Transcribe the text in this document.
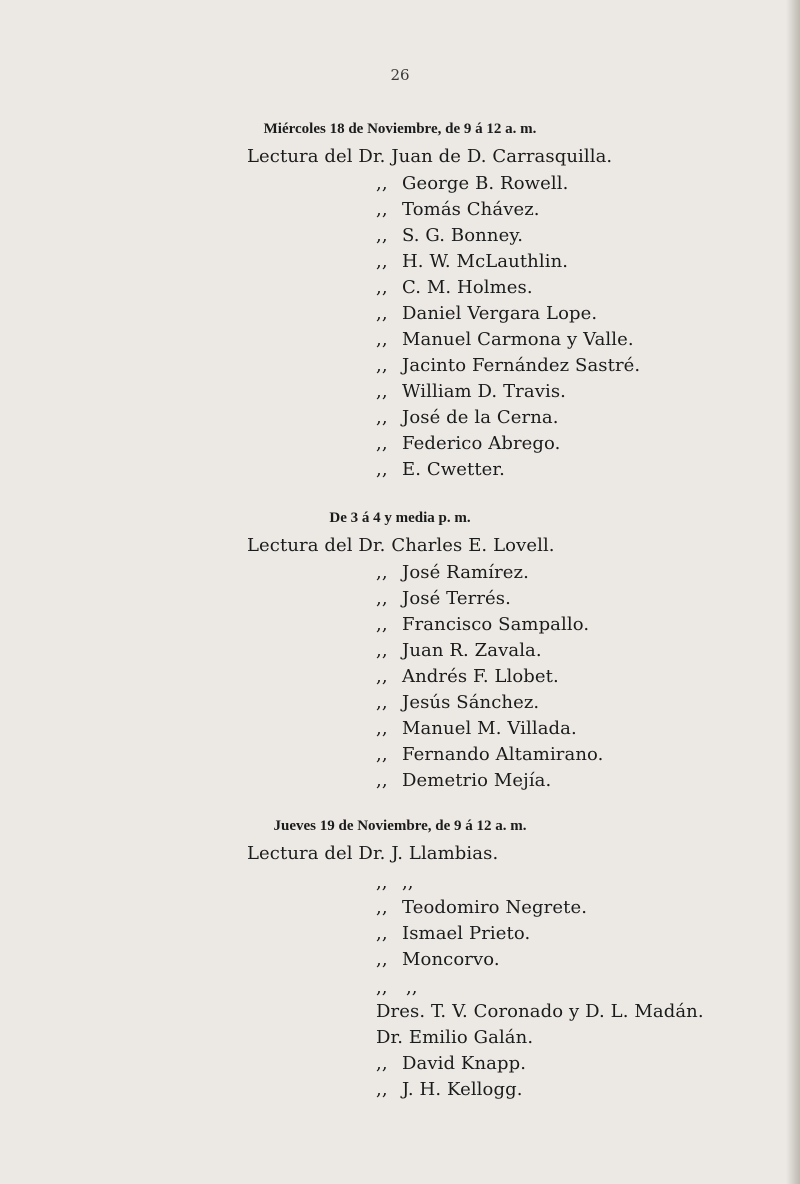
26
Miércoles 18 de Noviembre, de 9 á 12 a. m.
Lectura del Dr. Juan de D. Carrasquilla.
,, George B. Rowell.
,, Tomás Chávez.
,, S. G. Bonney.
,, H. W. McLauthlin.
,, C. M. Holmes.
,, Daniel Vergara Lope.
,, Manuel Carmona y Valle.
,, Jacinto Fernández Sastré.
,, William D. Travis.
,, José de la Cerna.
,, Federico Abrego.
,, E. Cwetter.
De 3 á 4 y media p. m.
Lectura del Dr. Charles E. Lovell.
,, José Ramírez.
,, José Terrés.
,, Francisco Sampallo.
,, Juan R. Zavala.
,, Andrés F. Llobet.
,, Jesús Sánchez.
,, Manuel M. Villada.
,, Fernando Altamirano.
,, Demetrio Mejía.
Jueves 19 de Noviembre, de 9 á 12 a. m.
Lectura del Dr. J. Llambias.
,, ,,
,, Teodomiro Negrete.
,, Ismael Prieto.
,, Moncorvo.
,, ,,
Dres. T. V. Coronado y D. L. Madán.
Dr. Emilio Galán.
,, David Knapp.
,, J. H. Kellogg.
